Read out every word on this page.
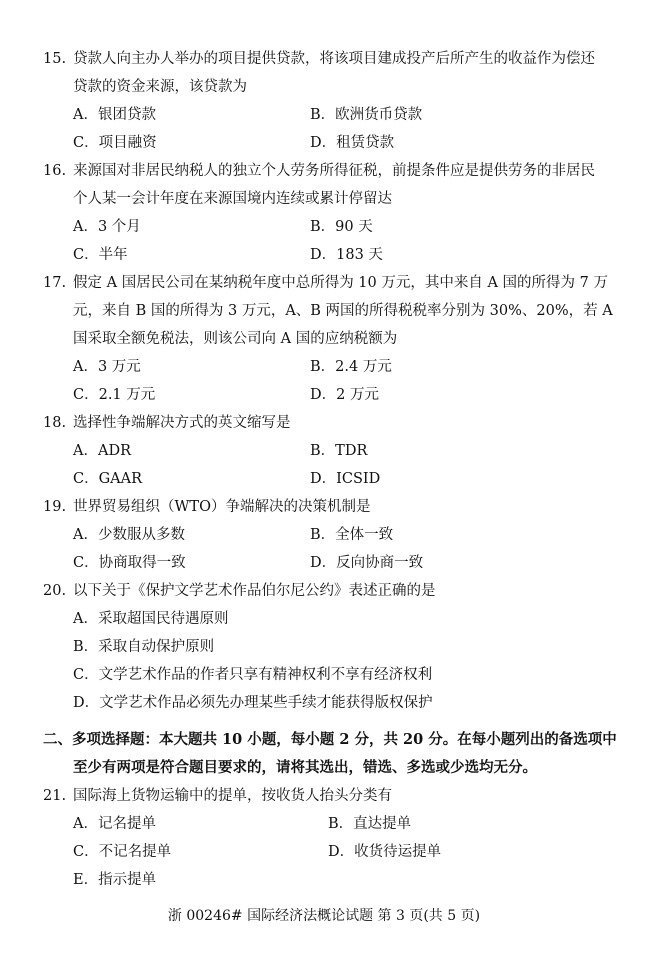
15. 贷款人向主办人举办的项目提供贷款，将该项目建成投产后所产生的收益作为偿还
贷款的资金来源，该贷款为
A．银团贷款	B．欧洲货币贷款
C．项目融资	D．租赁贷款
16. 来源国对非居民纳税人的独立个人劳务所得征税，前提条件应是提供劳务的非居民
个人某一会计年度在来源国境内连续或累计停留达
A．3 个月	B．90 天
C．半年	D．183 天
17. 假定 A 国居民公司在某纳税年度中总所得为 10 万元，其中来自 A 国的所得为 7 万
元，来自 B 国的所得为 3 万元，A、B 两国的所得税税率分别为 30%、20%，若 A
国采取全额免税法，则该公司向 A 国的应纳税额为
A．3 万元	B．2.4 万元
C．2.1 万元	D．2 万元
18. 选择性争端解决方式的英文缩写是
A．ADR	B．TDR
C．GAAR	D．ICSID
19. 世界贸易组织（WTO）争端解决的决策机制是
A．少数服从多数	B．全体一致
C．协商取得一致	D．反向协商一致
20. 以下关于《保护文学艺术作品伯尔尼公约》表述正确的是
A．采取超国民待遇原则
B．采取自动保护原则
C．文学艺术作品的作者只享有精神权利不享有经济权利
D．文学艺术作品必须先办理某些手续才能获得版权保护
二、多项选择题：本大题共 10 小题，每小题 2 分，共 20 分。在每小题列出的备选项中
至少有两项是符合题目要求的，请将其选出，错选、多选或少选均无分。
21. 国际海上货物运输中的提单，按收货人抬头分类有
A．记名提单	B．直达提单
C．不记名提单	D．收货待运提单
E．指示提单
浙 00246# 国际经济法概论试题 第 3 页(共 5 页)
